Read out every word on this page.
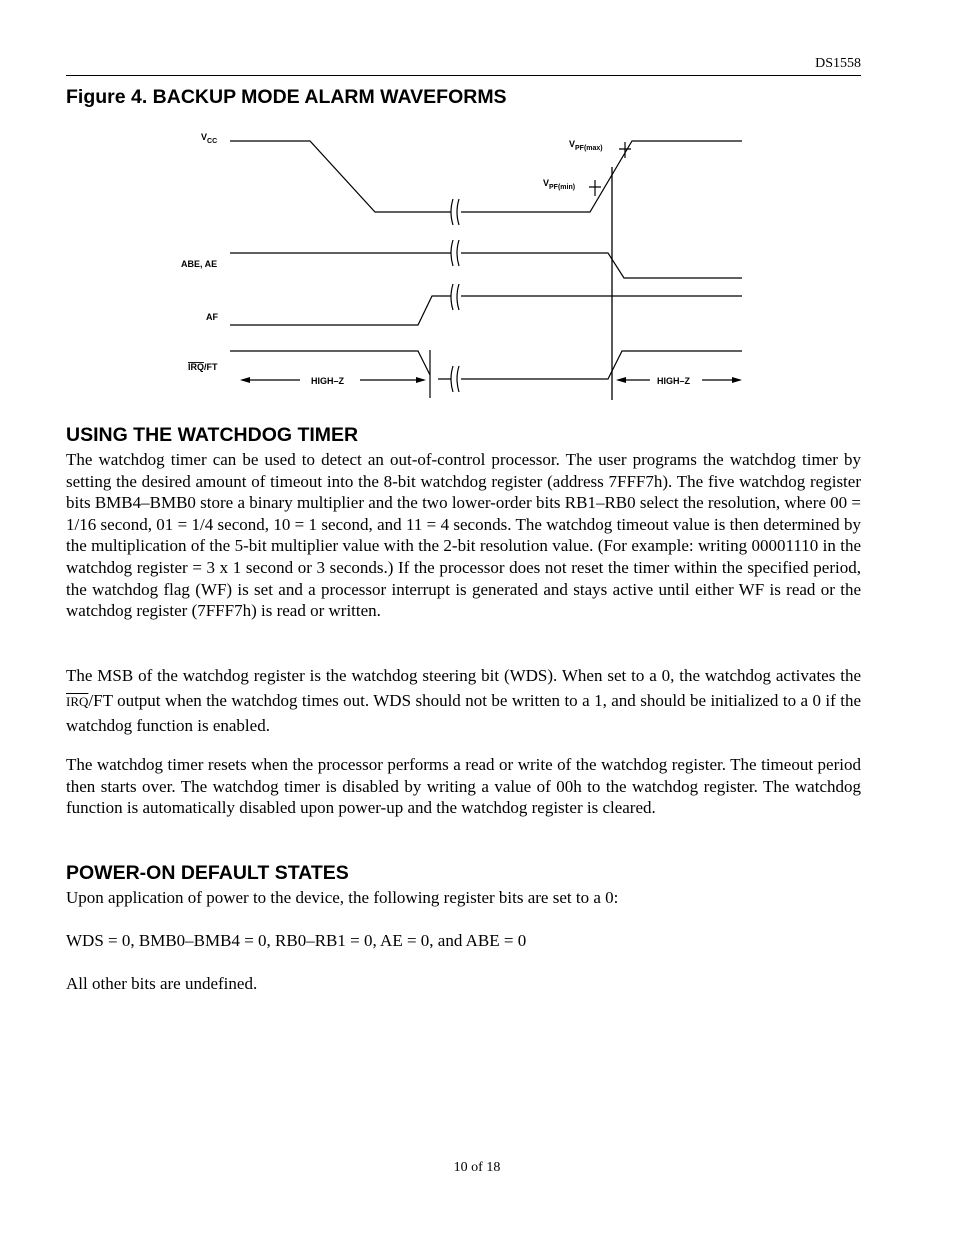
DS1558
Figure 4. BACKUP MODE ALARM WAVEFORMS
$V_{CC}$	$V_{PF(max)}$
$V_{PF(min)}$
ABE, AE
AF
IRQ/FT
HIGH–Z	HIGH–Z
USING THE WATCHDOG TIMER

The watchdog timer can be used to detect an out-of-control processor. The user programs the watchdog timer by setting the desired amount of timeout into the 8-bit watchdog register (address 7FFF7h). The five watchdog register bits BMB4–BMB0 store a binary multiplier and the two lower-order bits RB1–RB0 select the resolution, where 00 = 1/16 second, 01 = 1/4 second, 10 = 1 second, and 11 = 4 seconds. The watchdog timeout value is then determined by the multiplication of the 5-bit multiplier value with the 2-bit resolution value. (For example: writing 00001110 in the watchdog register = 3 x 1 second or 3 seconds.) If the processor does not reset the timer within the specified period, the watchdog flag (WF) is set and a processor interrupt is generated and stays active until either WF is read or the watchdog register (7FFF7h) is read or written.

The MSB of the watchdog register is the watchdog steering bit (WDS). When set to a 0, the watchdog activates the $\overline{IRQ}/FT$ output when the watchdog times out. WDS should not be written to a 1, and should be initialized to a 0 if the watchdog function is enabled.

The watchdog timer resets when the processor performs a read or write of the watchdog register. The timeout period then starts over. The watchdog timer is disabled by writing a value of 00h to the watchdog register. The watchdog function is automatically disabled upon power-up and the watchdog register is cleared.

POWER-ON DEFAULT STATES

Upon application of power to the device, the following register bits are set to a 0:

WDS = 0, BMB0–BMB4 = 0, RB0–RB1 = 0, AE = 0, and ABE = 0

All other bits are undefined.

10 of 18
